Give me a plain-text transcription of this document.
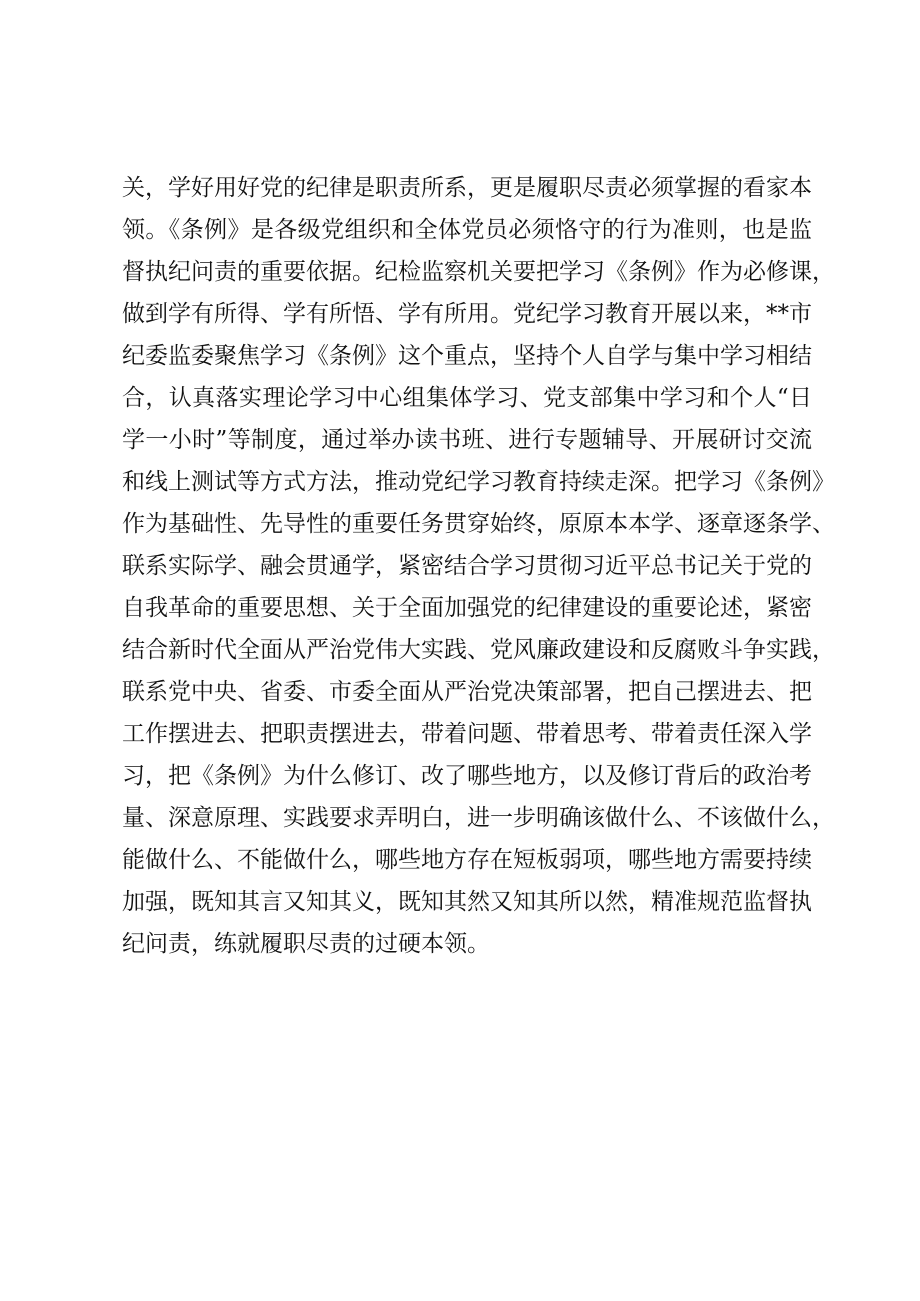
关，学好用好党的纪律是职责所系，更是履职尽责必须掌握的看家本
领。《条例》是各级党组织和全体党员必须恪守的行为准则，也是监
督执纪问责的重要依据。纪检监察机关要把学习《条例》作为必修课，
做到学有所得、学有所悟、学有所用。党纪学习教育开展以来，**市
纪委监委聚焦学习《条例》这个重点，坚持个人自学与集中学习相结
合，认真落实理论学习中心组集体学习、党支部集中学习和个人“日
学一小时”等制度，通过举办读书班、进行专题辅导、开展研讨交流
和线上测试等方式方法，推动党纪学习教育持续走深。把学习《条例》
作为基础性、先导性的重要任务贯穿始终，原原本本学、逐章逐条学、
联系实际学、融会贯通学，紧密结合学习贯彻习近平总书记关于党的
自我革命的重要思想、关于全面加强党的纪律建设的重要论述，紧密
结合新时代全面从严治党伟大实践、党风廉政建设和反腐败斗争实践，
联系党中央、省委、市委全面从严治党决策部署，把自己摆进去、把
工作摆进去、把职责摆进去，带着问题、带着思考、带着责任深入学
习，把《条例》为什么修订、改了哪些地方，以及修订背后的政治考
量、深意原理、实践要求弄明白，进一步明确该做什么、不该做什么，
能做什么、不能做什么，哪些地方存在短板弱项，哪些地方需要持续
加强，既知其言又知其义，既知其然又知其所以然，精准规范监督执
纪问责，练就履职尽责的过硬本领。
